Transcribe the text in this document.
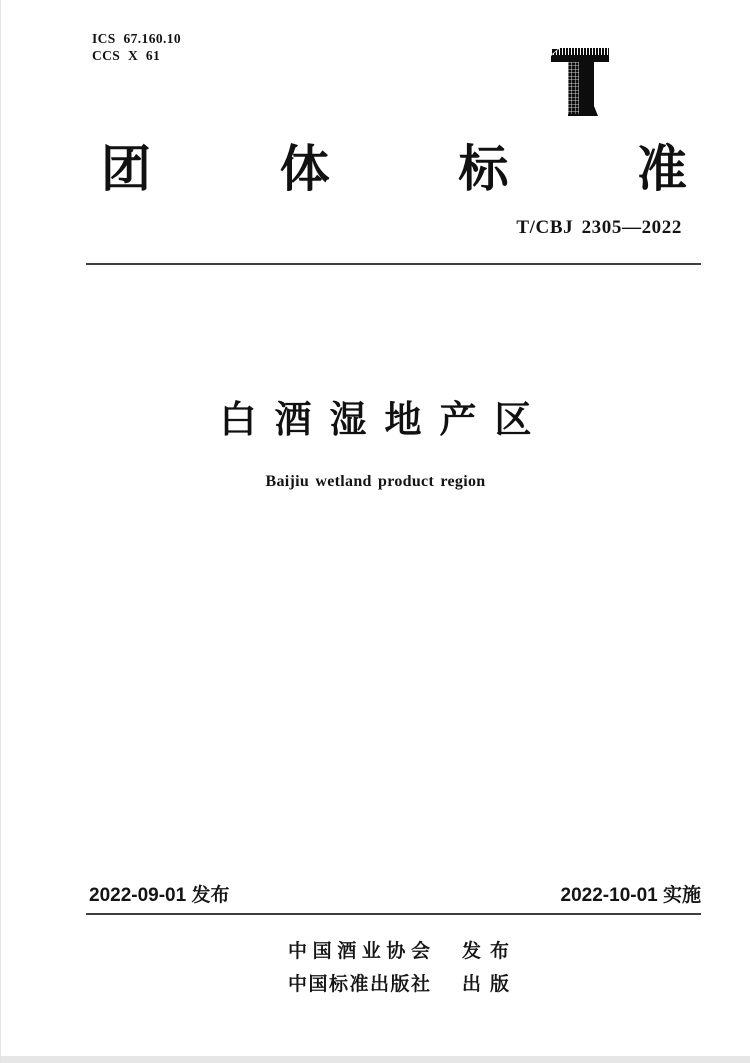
ICS 67.160.10
CCS X 61
团体标准
T/CBJ 2305—2022
白酒湿地产区
Baijiu wetland product region
2022-09-01 发布	2022-10-01 实施
中国酒业协会 发布
中国标准出版社 出版
